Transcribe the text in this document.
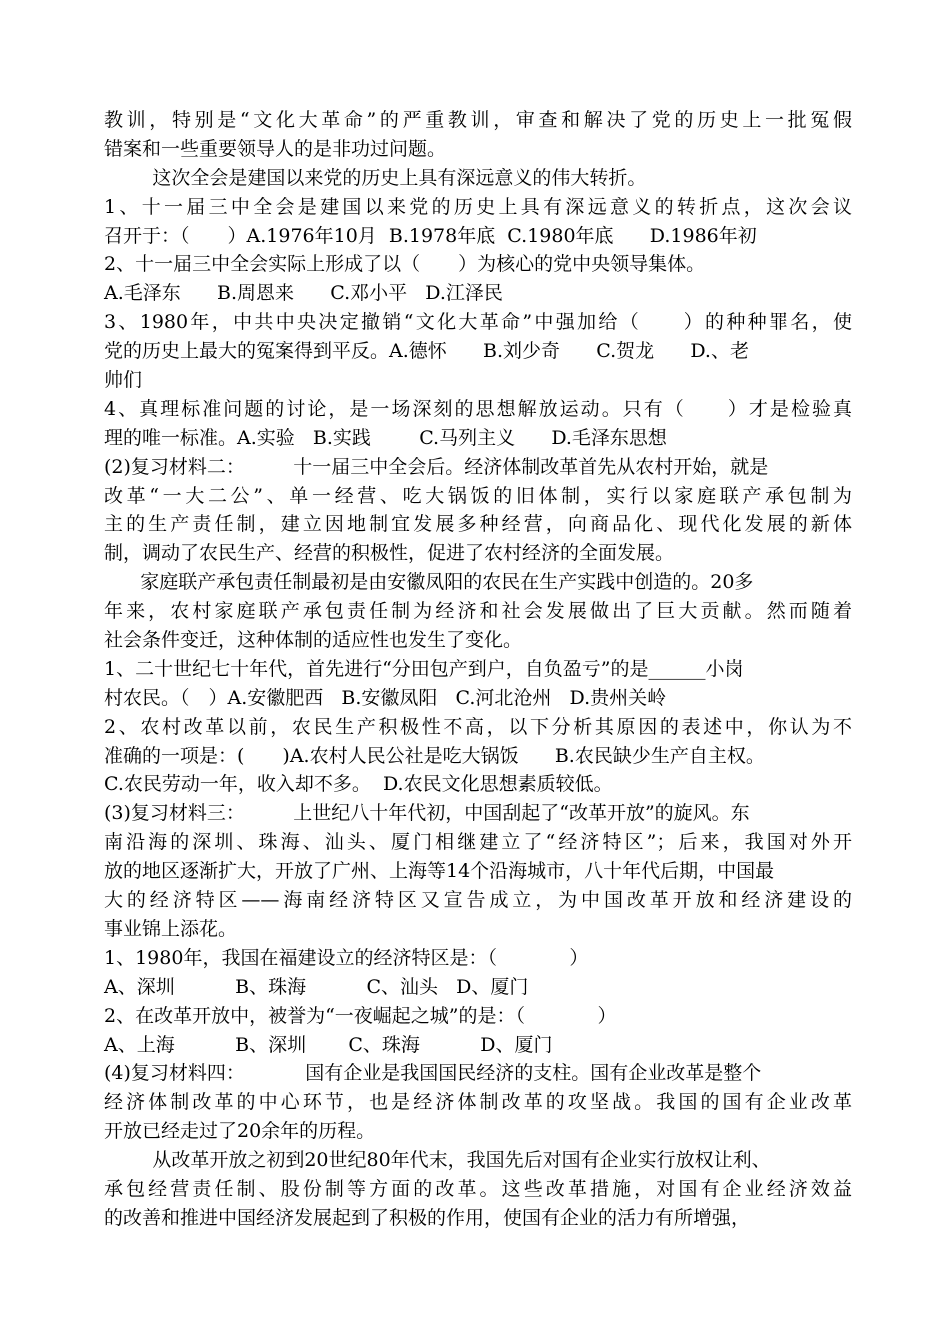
教训，特别是“文化大革命”的严重教训，审查和解决了党的历史上一批冤假
错案和一些重要领导人的是非功过问题。
这次全会是建国以来党的历史上具有深远意义的伟大转折。
1、十一届三中全会是建国以来党的历史上具有深远意义的转折点，这次会议
召开于：（　　）A.1976年10月  B.1978年底  C.1980年底      D.1986年初
2、十一届三中全会实际上形成了以（　　）为核心的党中央领导集体。
A.毛泽东      B.周恩来      C.邓小平   D.江泽民
3、1980年，中共中央决定撤销“文化大革命”中强加给（　　）的种种罪名，使
党的历史上最大的冤案得到平反。A.德怀      B.刘少奇      C.贺龙      D.、老
帅们
4、真理标准问题的讨论，是一场深刻的思想解放运动。只有（　　）才是检验真
理的唯一标准。A.实验   B.实践        C.马列主义      D.毛泽东思想
(2)复习材料二：        十一届三中全会后。经济体制改革首先从农村开始，就是
改革“一大二公”、单一经营、吃大锅饭的旧体制，实行以家庭联产承包制为
主的生产责任制，建立因地制宜发展多种经营，向商品化、现代化发展的新体
制，调动了农民生产、经营的积极性，促进了农村经济的全面发展。
家庭联产承包责任制最初是由安徽凤阳的农民在生产实践中创造的。20多
年来，农村家庭联产承包责任制为经济和社会发展做出了巨大贡献。然而随着
社会条件变迁，这种体制的适应性也发生了变化。
1、二十世纪七十年代，首先进行“分田包产到户，自负盈亏”的是______小岗
村农民。（　）A.安徽肥西   B.安徽凤阳   C.河北沧州   D.贵州关岭
2、农村改革以前，农民生产积极性不高，以下分析其原因的表述中，你认为不
准确的一项是：(　　)A.农村人民公社是吃大锅饭      B.农民缺少生产自主权。
C.农民劳动一年，收入却不多。  D.农民文化思想素质较低。
(3)复习材料三：        上世纪八十年代初，中国刮起了“改革开放”的旋风。东
南沿海的深圳、珠海、汕头、厦门相继建立了“经济特区”；后来，我国对外开
放的地区逐渐扩大，开放了广州、上海等14个沿海城市，八十年代后期，中国最
大的经济特区——海南经济特区又宣告成立，为中国改革开放和经济建设的
事业锦上添花。
1、1980年，我国在福建设立的经济特区是：（            ）
A、深圳          B、珠海          C、汕头   D、厦门
2、在改革开放中，被誉为“一夜崛起之城”的是：（            ）
A、上海          B、深圳       C、珠海          D、厦门
(4)复习材料四：          国有企业是我国国民经济的支柱。国有企业改革是整个
经济体制改革的中心环节，也是经济体制改革的攻坚战。我国的国有企业改革
开放已经走过了20余年的历程。
从改革开放之初到20世纪80年代末，我国先后对国有企业实行放权让利、
承包经营责任制、股份制等方面的改革。这些改革措施，对国有企业经济效益
的改善和推进中国经济发展起到了积极的作用，使国有企业的活力有所增强，
